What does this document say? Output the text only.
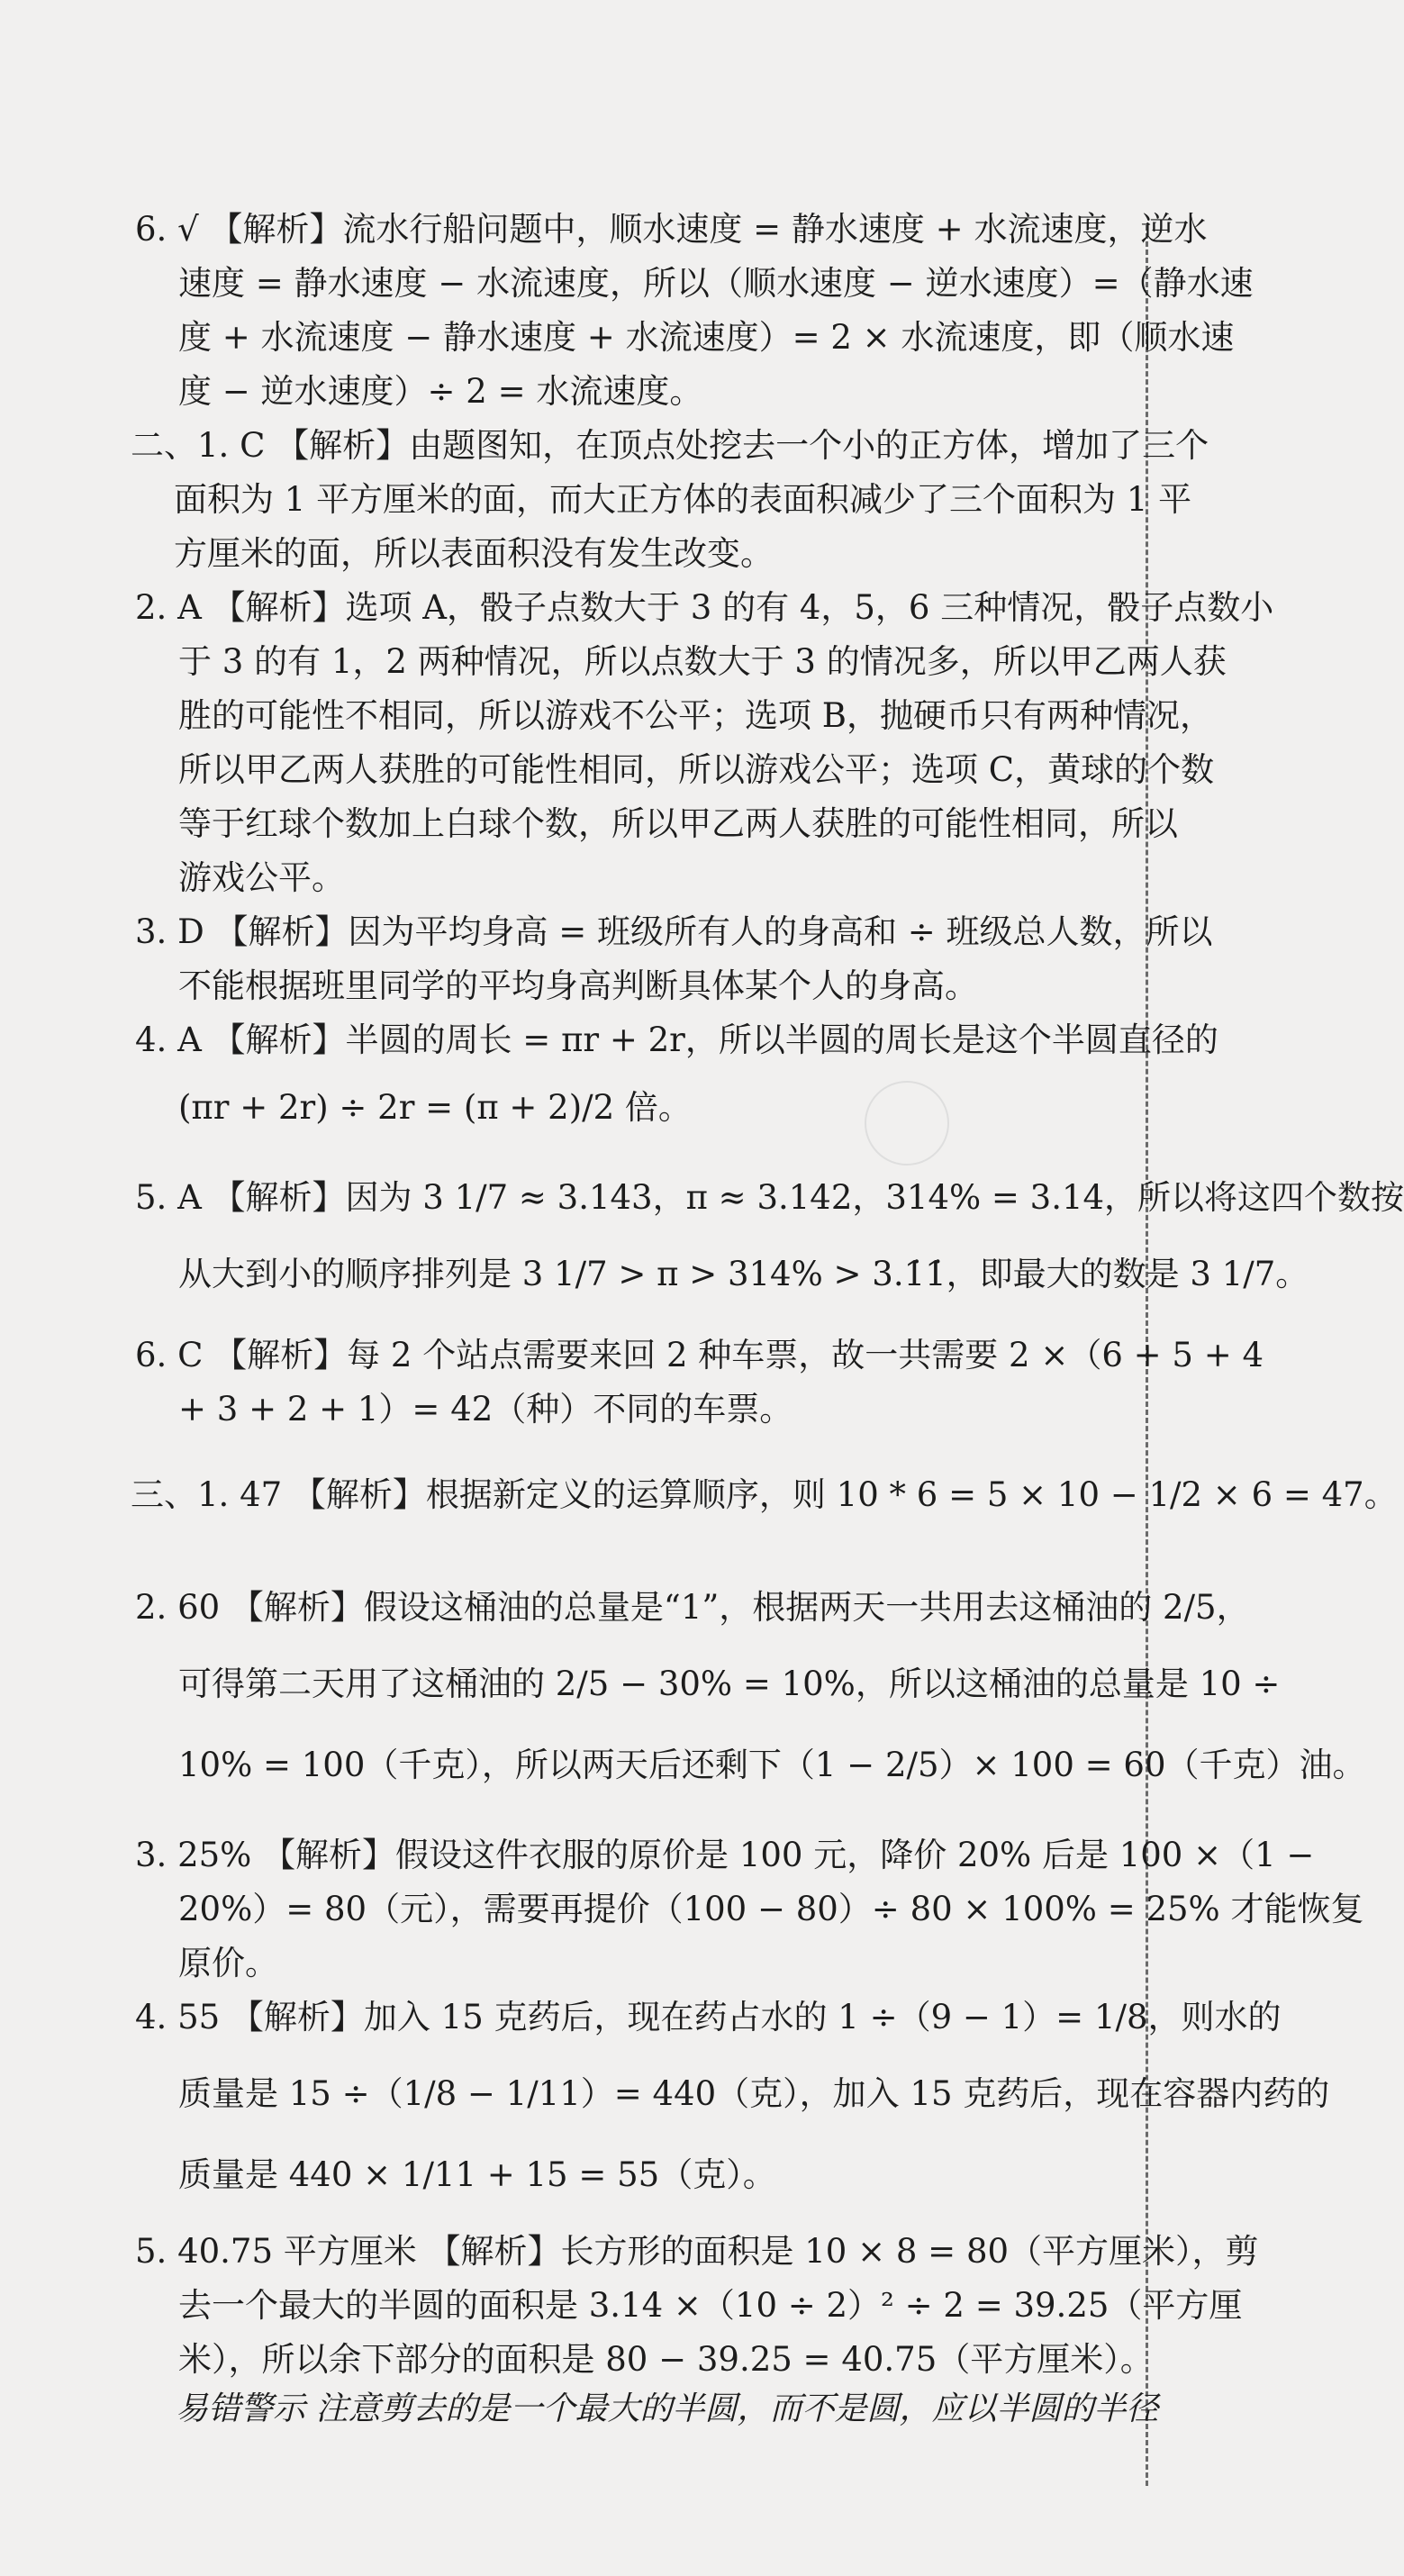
6. √ 【解析】流水行船问题中，顺水速度 = 静水速度 + 水流速度，逆水
速度 = 静水速度 − 水流速度，所以（顺水速度 − 逆水速度）=（静水速
度 + 水流速度 − 静水速度 + 水流速度）= 2 × 水流速度，即（顺水速
度 − 逆水速度）÷ 2 = 水流速度。
二、1. C 【解析】由题图知，在顶点处挖去一个小的正方体，增加了三个
面积为 1 平方厘米的面，而大正方体的表面积减少了三个面积为 1 平
方厘米的面，所以表面积没有发生改变。
2. A 【解析】选项 A，骰子点数大于 3 的有 4，5，6 三种情况，骰子点数小
于 3 的有 1，2 两种情况，所以点数大于 3 的情况多，所以甲乙两人获
胜的可能性不相同，所以游戏不公平；选项 B，抛硬币只有两种情况，
所以甲乙两人获胜的可能性相同，所以游戏公平；选项 C，黄球的个数
等于红球个数加上白球个数，所以甲乙两人获胜的可能性相同，所以
游戏公平。
3. D 【解析】因为平均身高 = 班级所有人的身高和 ÷ 班级总人数，所以
不能根据班里同学的平均身高判断具体某个人的身高。
4. A 【解析】半圆的周长 = πr + 2r，所以半圆的周长是这个半圆直径的
(πr + 2r) ÷ 2r = (π + 2)/2 倍。
5. A 【解析】因为 3 1/7 ≈ 3.143，π ≈ 3.142，314% = 3.14，所以将这四个数按
从大到小的顺序排列是 3 1/7 > π > 314% > 3.1̇1̇，即最大的数是 3 1/7。
6. C 【解析】每 2 个站点需要来回 2 种车票，故一共需要 2 ×（6 + 5 + 4
+ 3 + 2 + 1）= 42（种）不同的车票。
三、1. 47 【解析】根据新定义的运算顺序，则 10 * 6 = 5 × 10 − 1/2 × 6 = 47。
2. 60 【解析】假设这桶油的总量是“1”，根据两天一共用去这桶油的 2/5，
可得第二天用了这桶油的 2/5 − 30% = 10%，所以这桶油的总量是 10 ÷
10% = 100（千克），所以两天后还剩下（1 − 2/5）× 100 = 60（千克）油。
3. 25% 【解析】假设这件衣服的原价是 100 元，降价 20% 后是 100 ×（1 −
20%）= 80（元），需要再提价（100 − 80）÷ 80 × 100% = 25% 才能恢复
原价。
4. 55 【解析】加入 15 克药后，现在药占水的 1 ÷（9 − 1）= 1/8，则水的
质量是 15 ÷（1/8 − 1/11）= 440（克），加入 15 克药后，现在容器内药的
质量是 440 × 1/11 + 15 = 55（克）。
5. 40.75 平方厘米 【解析】长方形的面积是 10 × 8 = 80（平方厘米），剪
去一个最大的半圆的面积是 3.14 ×（10 ÷ 2）² ÷ 2 = 39.25（平方厘
米），所以余下部分的面积是 80 − 39.25 = 40.75（平方厘米）。
易错警示 注意剪去的是一个最大的半圆，而不是圆，应以半圆的半径
